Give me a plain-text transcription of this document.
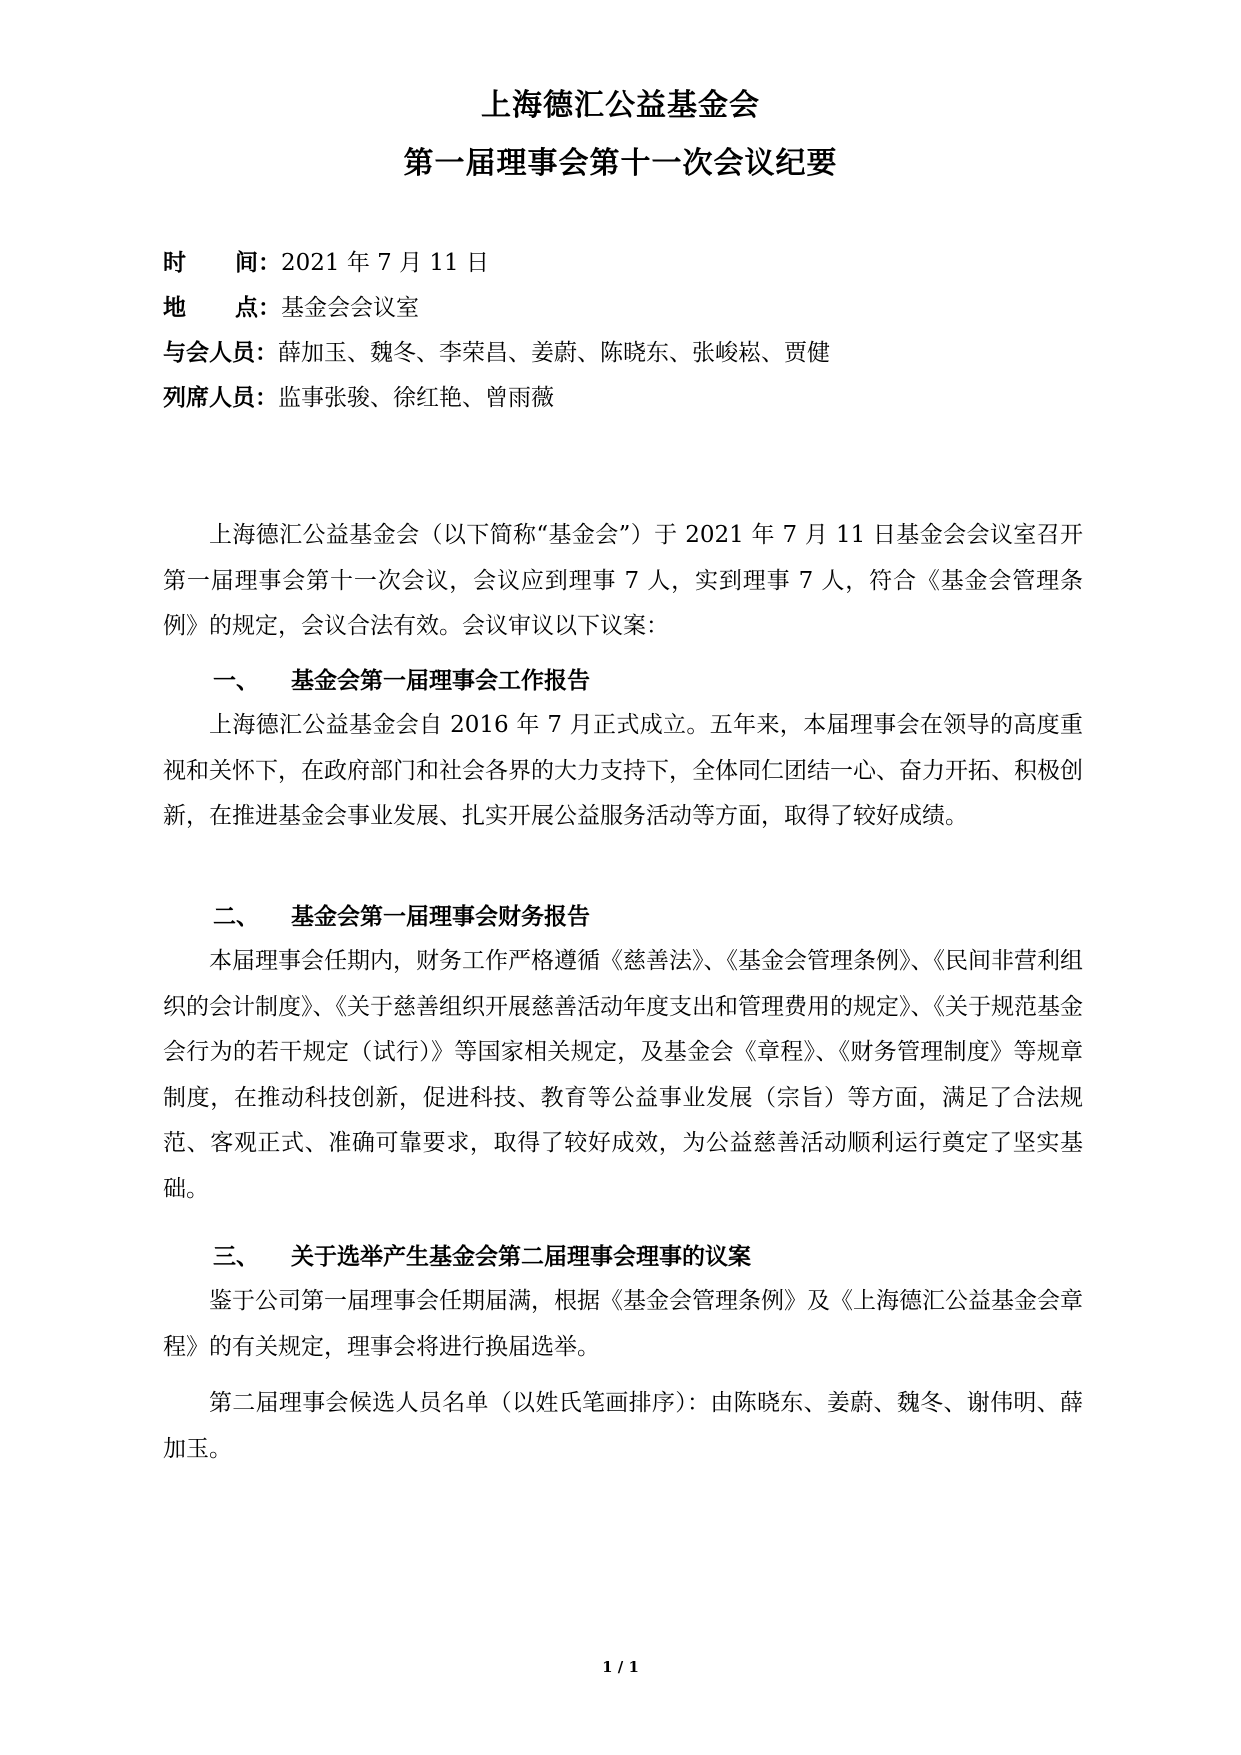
上海德汇公益基金会
第一届理事会第十一次会议纪要
时 间 ：2021 年 7 月 11 日
地 点 ：基金会会议室
与会人员：薛加玉、魏冬、李荣昌、姜蔚、陈晓东、张峻崧、贾健
列席人员：监事张骏、徐红艳、曾雨薇

上海德汇公益基金会（以下简称“基金会”）于 2021 年 7 月 11 日基金会会议室召开第一届理事会第十一次会议，会议应到理事 7 人，实到理事 7 人，符合《基金会管理条例》的规定，会议合法有效。会议审议以下议案：

一、 基金会第一届理事会工作报告

上海德汇公益基金会自 2016 年 7 月正式成立。五年来，本届理事会在领导的高度重视和关怀下，在政府部门和社会各界的大力支持下，全体同仁团结一心、奋力开拓、积极创新，在推进基金会事业发展、扎实开展公益服务活动等方面，取得了较好成绩。

二、 基金会第一届理事会财务报告

本届理事会任期内，财务工作严格遵循《慈善法》、《基金会管理条例》、《民间非营利组织的会计制度》、《关于慈善组织开展慈善活动年度支出和管理费用的规定》、《关于规范基金会行为的若干规定（试行）》等国家相关规定，及基金会《章程》、《财务管理制度》等规章制度，在推动科技创新，促进科技、教育等公益事业发展（宗旨）等方面，满足了合法规范、客观正式、准确可靠要求，取得了较好成效，为公益慈善活动顺利运行奠定了坚实基础。

三、 关于选举产生基金会第二届理事会理事的议案

鉴于公司第一届理事会任期届满，根据《基金会管理条例》及《上海德汇公益基金会章程》的有关规定，理事会将进行换届选举。

第二届理事会候选人员名单（以姓氏笔画排序）：由陈晓东、姜蔚、魏冬、谢伟明、薛加玉。

1 / 1
